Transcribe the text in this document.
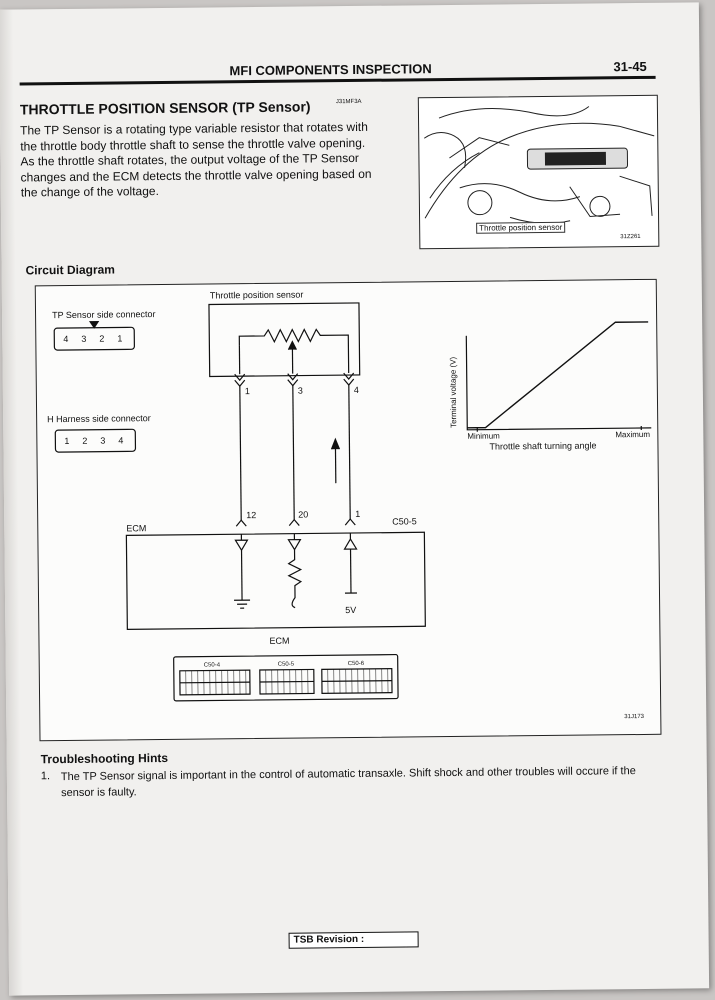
MFI COMPONENTS INSPECTION	31-45
THROTTLE POSITION SENSOR (TP Sensor)	J31MF3A
The TP Sensor is a rotating type variable resistor that rotates with the throttle body throttle shaft to sense the throttle valve opening. As the throttle shaft rotates, the output voltage of the TP Sensor changes and the ECM detects the throttle valve opening based on the change of the voltage.
Throttle position sensor
31Z261
Circuit Diagram
TP Sensor side connector
4 3 2 1
H Harness side connector
1 2 3 4
Throttle position sensor
1	3	4
12	20	1
C50-5
ECM
5V
ECM
C50-4	C50-5	C50-6
Terminal voltage (V)
Minimum	Maximum
Throttle shaft turning angle
31J173
Troubleshooting Hints
1. The TP Sensor signal is important in the control of automatic transaxle. Shift shock and other troubles will occure if the sensor is faulty.
TSB Revision :
